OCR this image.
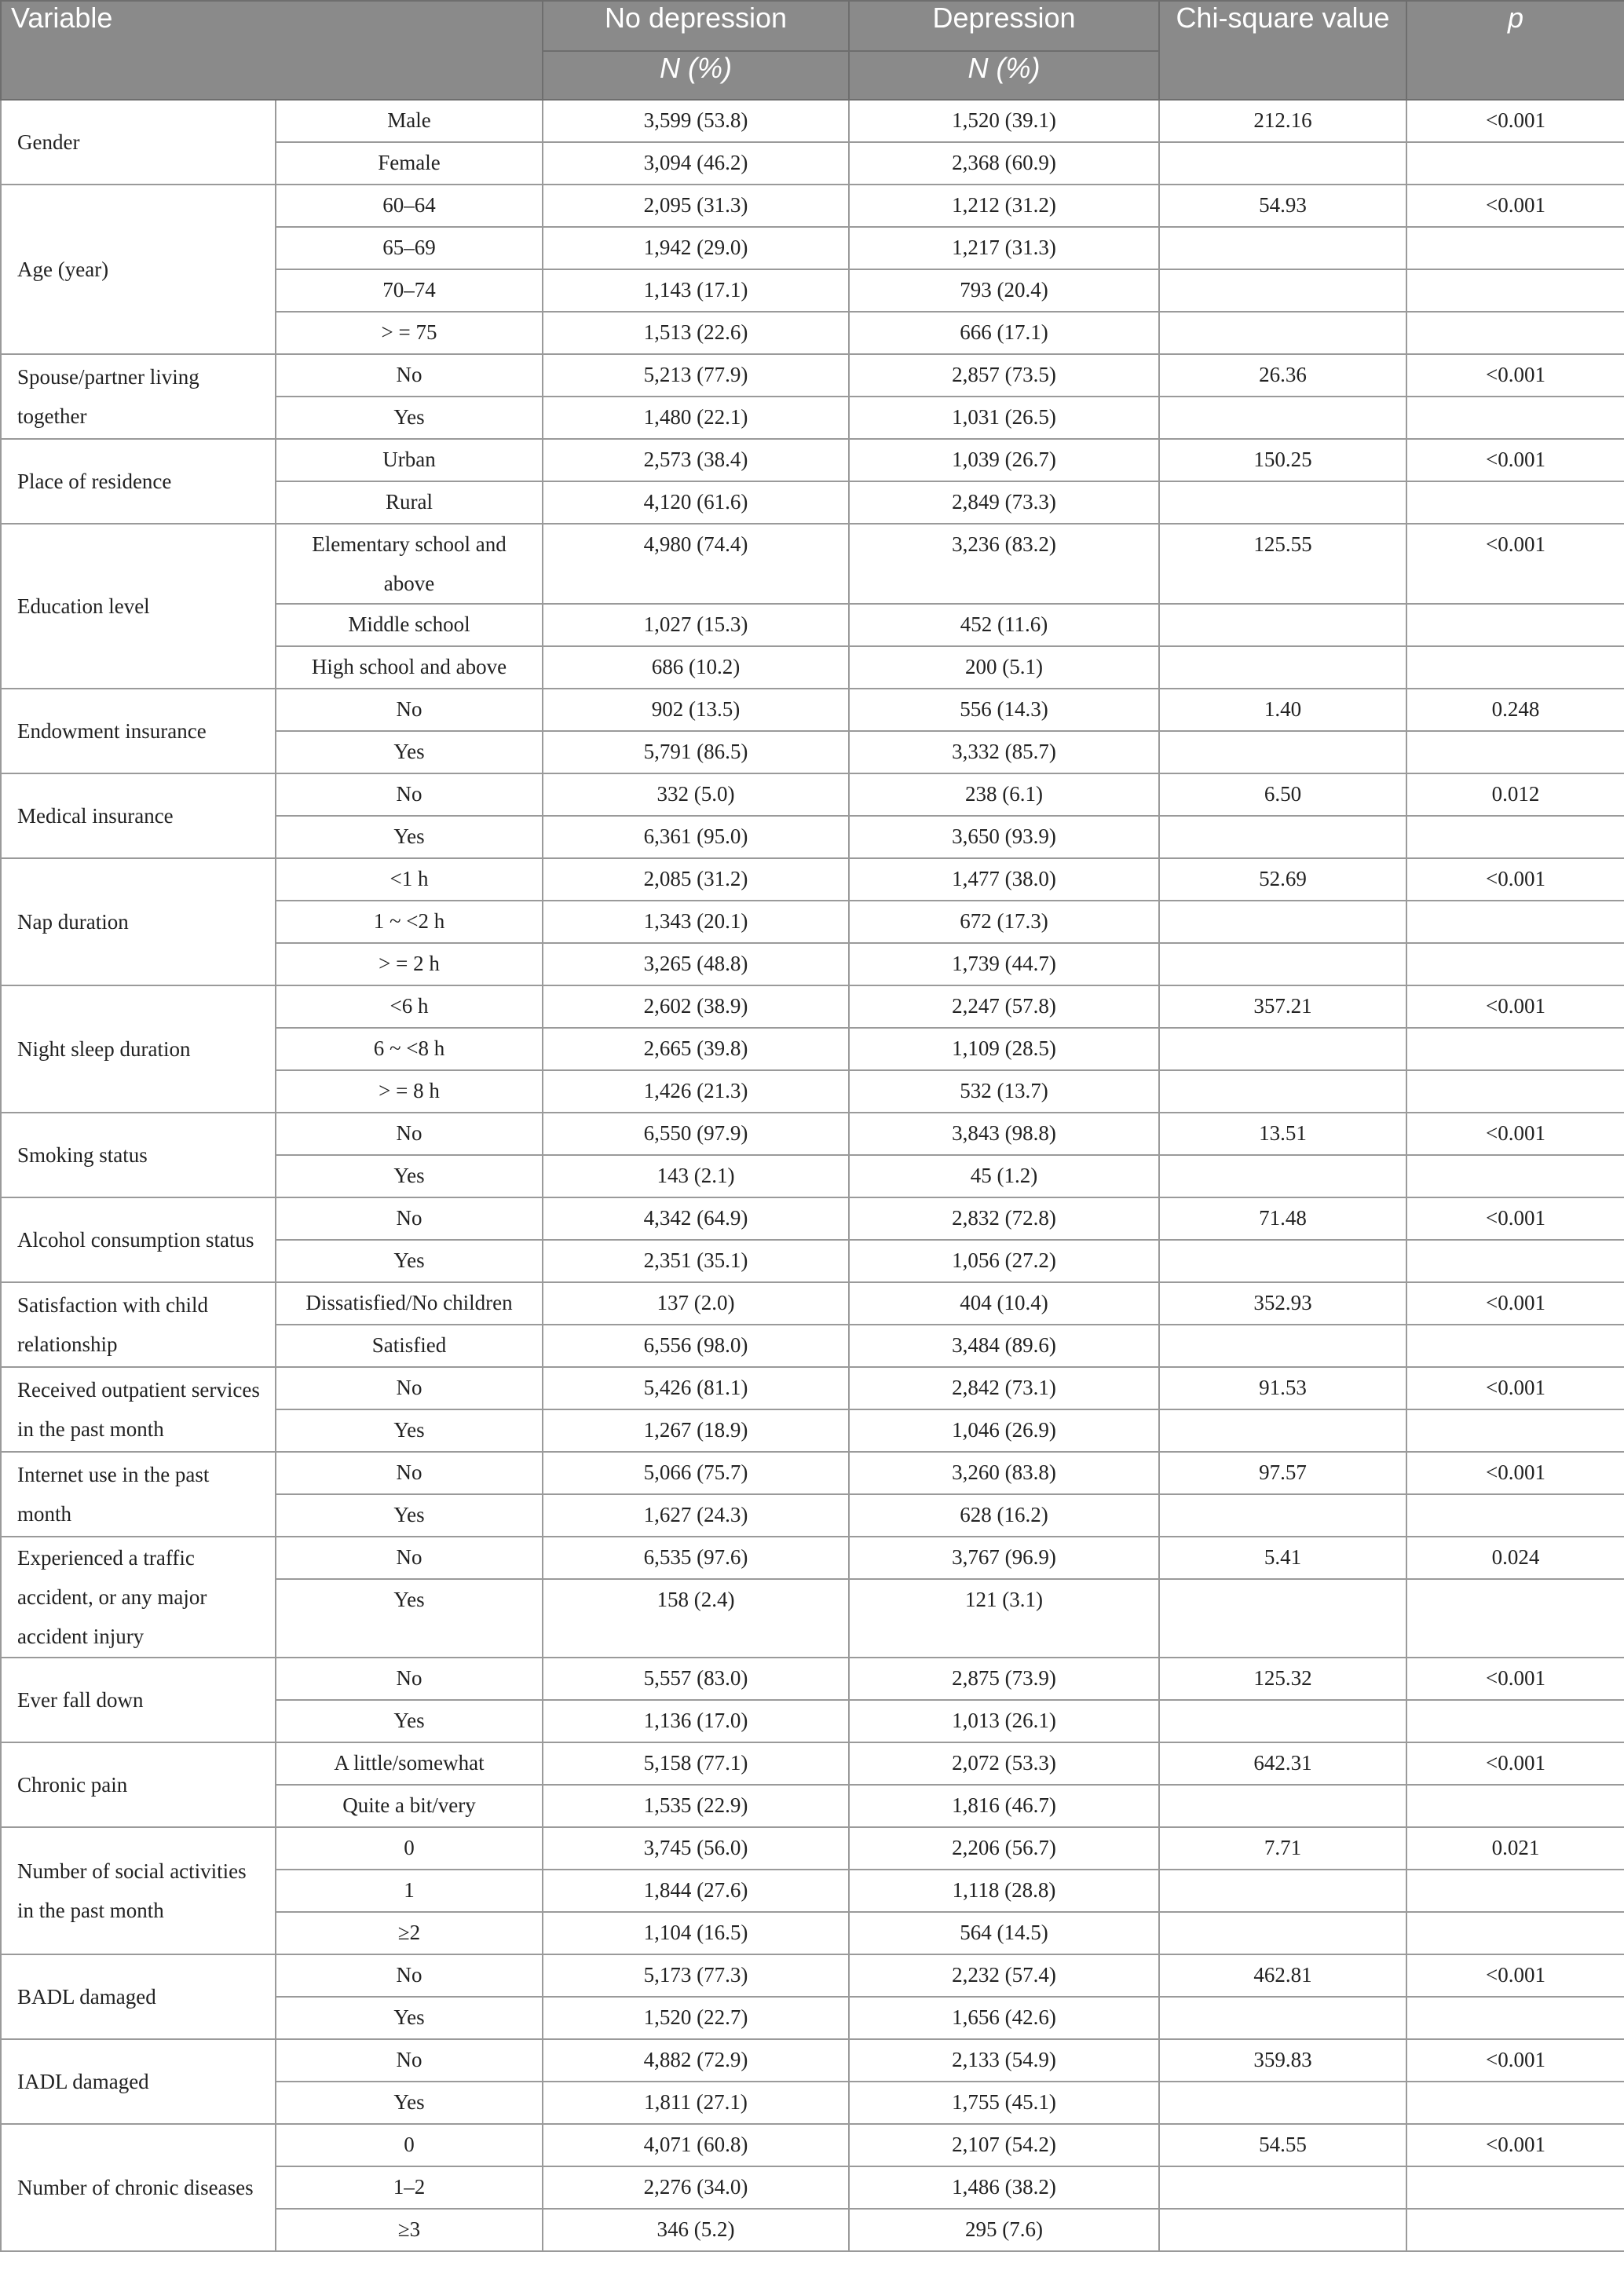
Variable		No depression	Depression	Chi-square value	p
		N (%)	N (%)		
Gender	Male	3,599 (53.8)	1,520 (39.1)	212.16	<0.001
	Female	3,094 (46.2)	2,368 (60.9)		
Age (year)	60–64	2,095 (31.3)	1,212 (31.2)	54.93	<0.001
	65–69	1,942 (29.0)	1,217 (31.3)		
	70–74	1,143 (17.1)	793 (20.4)		
	> = 75	1,513 (22.6)	666 (17.1)		
Spouse/partner living together	No	5,213 (77.9)	2,857 (73.5)	26.36	<0.001
	Yes	1,480 (22.1)	1,031 (26.5)		
Place of residence	Urban	2,573 (38.4)	1,039 (26.7)	150.25	<0.001
	Rural	4,120 (61.6)	2,849 (73.3)		
Education level	Elementary school and above	4,980 (74.4)	3,236 (83.2)	125.55	<0.001
	Middle school	1,027 (15.3)	452 (11.6)		
	High school and above	686 (10.2)	200 (5.1)		
Endowment insurance	No	902 (13.5)	556 (14.3)	1.40	0.248
	Yes	5,791 (86.5)	3,332 (85.7)		
Medical insurance	No	332 (5.0)	238 (6.1)	6.50	0.012
	Yes	6,361 (95.0)	3,650 (93.9)		
Nap duration	<1 h	2,085 (31.2)	1,477 (38.0)	52.69	<0.001
	1 ~ <2 h	1,343 (20.1)	672 (17.3)		
	> = 2 h	3,265 (48.8)	1,739 (44.7)		
Night sleep duration	<6 h	2,602 (38.9)	2,247 (57.8)	357.21	<0.001
	6 ~ <8 h	2,665 (39.8)	1,109 (28.5)		
	> = 8 h	1,426 (21.3)	532 (13.7)		
Smoking status	No	6,550 (97.9)	3,843 (98.8)	13.51	<0.001
	Yes	143 (2.1)	45 (1.2)		
Alcohol consumption status	No	4,342 (64.9)	2,832 (72.8)	71.48	<0.001
	Yes	2,351 (35.1)	1,056 (27.2)		
Satisfaction with child relationship	Dissatisfied/No children	137 (2.0)	404 (10.4)	352.93	<0.001
	Satisfied	6,556 (98.0)	3,484 (89.6)		
Received outpatient services in the past month	No	5,426 (81.1)	2,842 (73.1)	91.53	<0.001
	Yes	1,267 (18.9)	1,046 (26.9)		
Internet use in the past month	No	5,066 (75.7)	3,260 (83.8)	97.57	<0.001
	Yes	1,627 (24.3)	628 (16.2)		
Experienced a traffic accident, or any major accident injury	No	6,535 (97.6)	3,767 (96.9)	5.41	0.024
	Yes	158 (2.4)	121 (3.1)		
Ever fall down	No	5,557 (83.0)	2,875 (73.9)	125.32	<0.001
	Yes	1,136 (17.0)	1,013 (26.1)		
Chronic pain	A little/somewhat	5,158 (77.1)	2,072 (53.3)	642.31	<0.001
	Quite a bit/very	1,535 (22.9)	1,816 (46.7)		
Number of social activities in the past month	0	3,745 (56.0)	2,206 (56.7)	7.71	0.021
	1	1,844 (27.6)	1,118 (28.8)		
	≥2	1,104 (16.5)	564 (14.5)		
BADL damaged	No	5,173 (77.3)	2,232 (57.4)	462.81	<0.001
	Yes	1,520 (22.7)	1,656 (42.6)		
IADL damaged	No	4,882 (72.9)	2,133 (54.9)	359.83	<0.001
	Yes	1,811 (27.1)	1,755 (45.1)		
Number of chronic diseases	0	4,071 (60.8)	2,107 (54.2)	54.55	<0.001
	1–2	2,276 (34.0)	1,486 (38.2)		
	≥3	346 (5.2)	295 (7.6)		
